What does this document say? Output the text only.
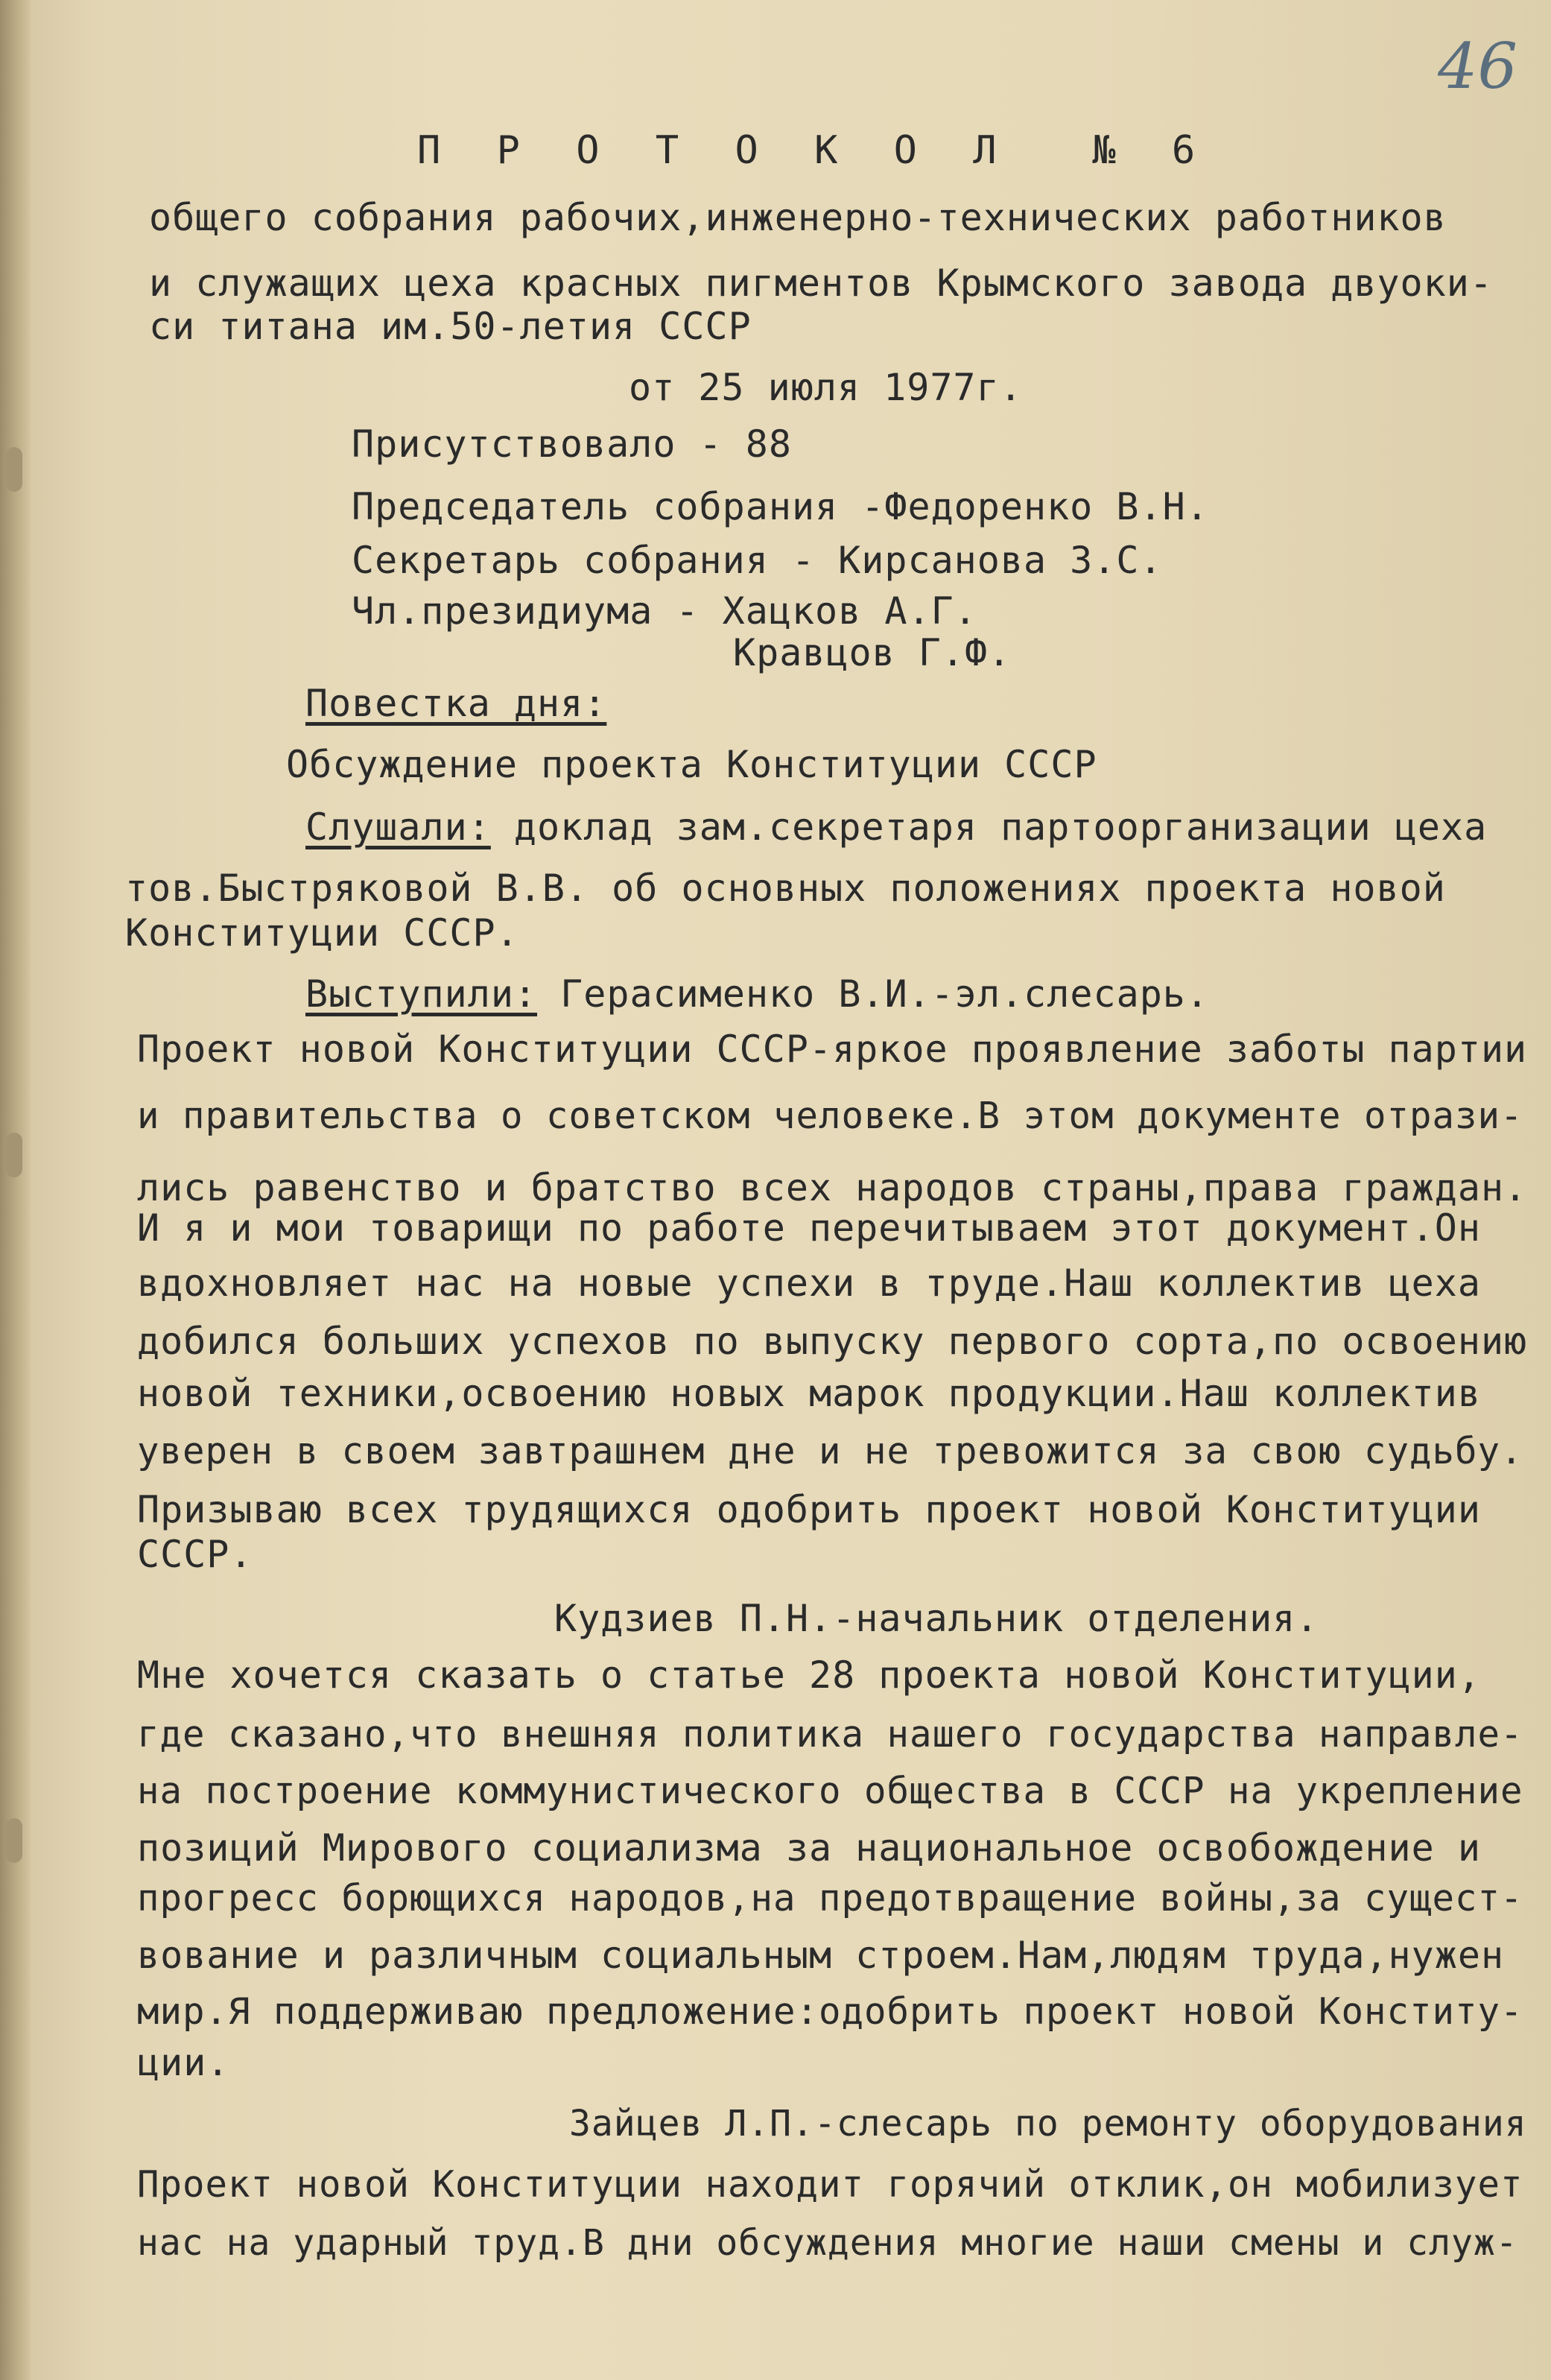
46
П Р О Т О К О Л  № 6
общего собрания рабочих,инженерно-технических работников
и служащих цеха красных пигментов Крымского завода двуоки-
си титана им.50-летия СССР
от 25 июля 1977г.
Присутствовало - 88
Председатель собрания -Федоренко В.Н.
Секретарь собрания - Кирсанова З.С.
Чл.президиума - Хацков А.Г.
Кравцов Г.Ф.
Повестка дня:
Обсуждение проекта Конституции СССР
Слушали: доклад зам.секретаря партоорганизации цеха
тов.Быстряковой В.В. об основных положениях проекта новой
Конституции СССР.
Выступили: Герасименко В.И.-эл.слесарь.
Проект новой Конституции СССР-яркое проявление заботы партии
и правительства о советском человеке.В этом документе отрази-
лись равенство и братство всех народов страны,права граждан.
И я и мои товарищи по работе перечитываем этот документ.Он
вдохновляет нас на новые успехи в труде.Наш коллектив цеха
добился больших успехов по выпуску первого сорта,по освоению
новой техники,освоению новых марок продукции.Наш коллектив
уверен в своем завтрашнем дне и не тревожится за свою судьбу.
Призываю всех трудящихся одобрить проект новой Конституции
СССР.
Кудзиев П.Н.-начальник отделения.
Мне хочется сказать о статье 28 проекта новой Конституции,
где сказано,что внешняя политика нашего государства направле-
на построение коммунистического общества в СССР на укрепление
позиций Мирового социализма за национальное освобождение и
прогресс борющихся народов,на предотвращение войны,за сущест-
вование и различным социальным строем.Нам,людям труда,нужен
мир.Я поддерживаю предложение:одобрить проект новой Конститу-
ции.
Зайцев Л.П.-слесарь по ремонту оборудования
Проект новой Конституции находит горячий отклик,он мобилизует
нас на ударный труд.В дни обсуждения многие наши смены и служ-
